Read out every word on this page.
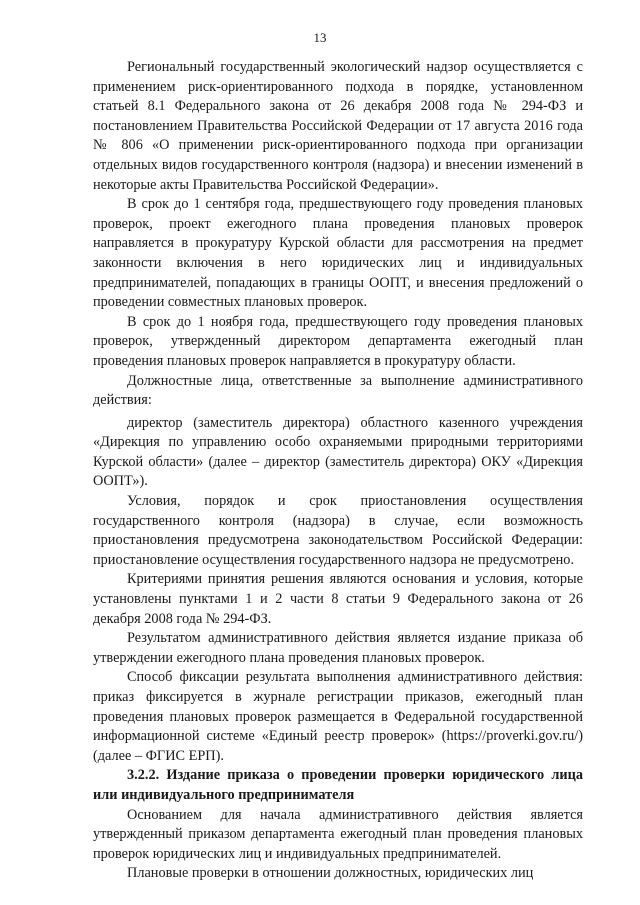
13

Региональный государственный экологический надзор осуществляется с применением риск-ориентированного подхода в порядке, установленном статьей 8.1 Федерального закона от 26 декабря 2008 года № 294-ФЗ и постановлением Правительства Российской Федерации от 17 августа 2016 года № 806 «О применении риск-ориентированного подхода при организации отдельных видов государственного контроля (надзора) и внесении изменений в некоторые акты Правительства Российской Федерации».

В срок до 1 сентября года, предшествующего году проведения плановых проверок, проект ежегодного плана проведения плановых проверок направляется в прокуратуру Курской области для рассмотрения на предмет законности включения в него юридических лиц и индивидуальных предпринимателей, попадающих в границы ООПТ, и внесения предложений о проведении совместных плановых проверок.

В срок до 1 ноября года, предшествующего году проведения плановых проверок, утвержденный директором департамента ежегодный план проведения плановых проверок направляется в прокуратуру области.

Должностные лица, ответственные за выполнение административного действия:

директор (заместитель директора) областного казенного учреждения «Дирекция по управлению особо охраняемыми природными территориями Курской области» (далее – директор (заместитель директора) ОКУ «Дирекция ООПТ»).

Условия, порядок и срок приостановления осуществления государственного контроля (надзора) в случае, если возможность приостановления предусмотрена законодательством Российской Федерации: приостановление осуществления государственного надзора не предусмотрено.

Критериями принятия решения являются основания и условия, которые установлены пунктами 1 и 2 части 8 статьи 9 Федерального закона от 26 декабря 2008 года № 294-ФЗ.

Результатом административного действия является издание приказа об утверждении ежегодного плана проведения плановых проверок.

Способ фиксации результата выполнения административного действия: приказ фиксируется в журнале регистрации приказов, ежегодный план проведения плановых проверок размещается в Федеральной государственной информационной системе «Единый реестр проверок» (https://proverki.gov.ru/) (далее – ФГИС ЕРП).

3.2.2. Издание приказа о проведении проверки юридического лица или индивидуального предпринимателя

Основанием для начала административного действия является утвержденный приказом департамента ежегодный план проведения плановых проверок юридических лиц и индивидуальных предпринимателей.

Плановые проверки в отношении должностных, юридических лиц
